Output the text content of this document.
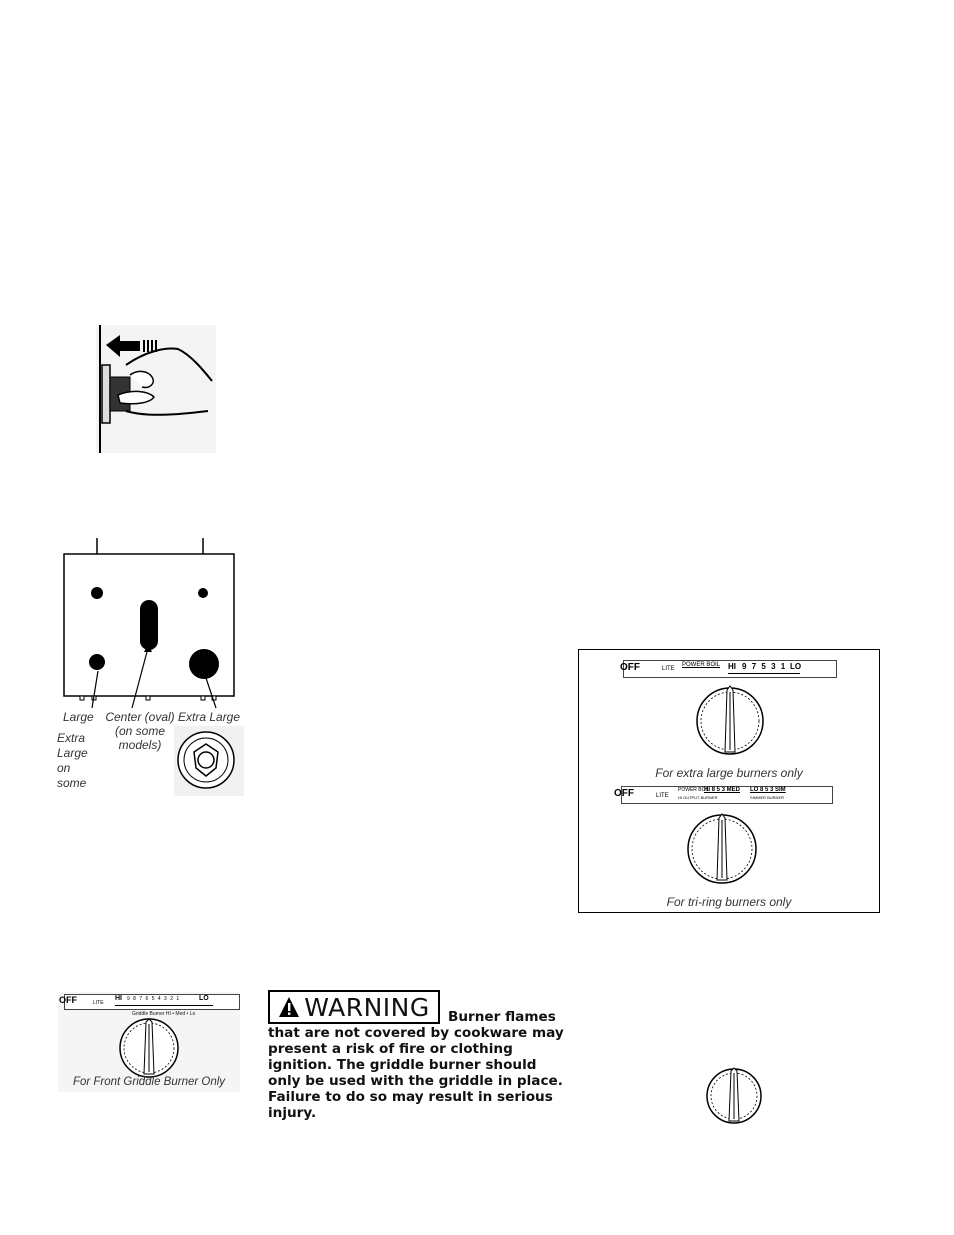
Large Center (oval)
(on some
models)
Extra Large
Extra
Large
on
some
OFF	LITE
POWER BOIL HI 9 7 5 3 1 LO
For extra large burners only
OFF	LITE
POWER BOIL
HI 8 5 3 MED LO 8 5 3 SIM
HI OUTPUT BURNER	SIMMER BURNER
For tri-ring burners only
OFF	LITE
HI 9 8 7 6 5 4 3 2 1	LO
Griddle Burner HI • Med • Lo
For Front Griddle Burner Only
WARNING	Burner flames that are not covered by cookware may present a risk of fire or clothing ignition. The griddle burner should only be used with the griddle in place. Failure to do so may result in serious injury.
